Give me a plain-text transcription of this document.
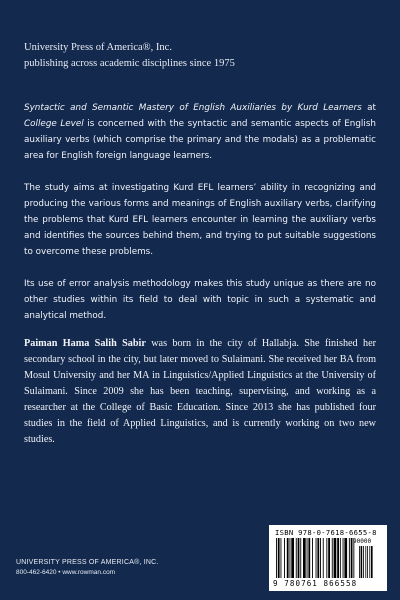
University Press of America®, Inc.
publishing across academic disciplines since 1975

Syntactic and Semantic Mastery of English Auxiliaries by Kurd Learners at College Level is concerned with the syntactic and semantic aspects of English auxiliary verbs (which comprise the primary and the modals) as a problematic area for English foreign language learners.

The study aims at investigating Kurd EFL learners’ ability in recognizing and producing the various forms and meanings of English auxiliary verbs, clarifying the problems that Kurd EFL learners encounter in learning the auxiliary verbs and identifies the sources behind them, and trying to put suitable suggestions to overcome these problems.

Its use of error analysis methodology makes this study unique as there are no other studies within its field to deal with topic in such a systematic and analytical method.

Paiman Hama Salih Sabir was born in the city of Hallabja. She finished her secondary school in the city, but later moved to Sulaimani. She received her BA from Mosul University and her MA in Linguistics/Applied Linguistics at the University of Sulaimani. Since 2009 she has been teaching, supervising, and working as a researcher at the College of Basic Education. Since 2013 she has published four studies in the field of Applied Linguistics, and is currently working on two new studies.
UNIVERSITY PRESS OF AMERICA®, INC.
800-462-6420 • www.rowman.com
ISBN 978-0-7618-6655-8
90000
9 780761 866558
